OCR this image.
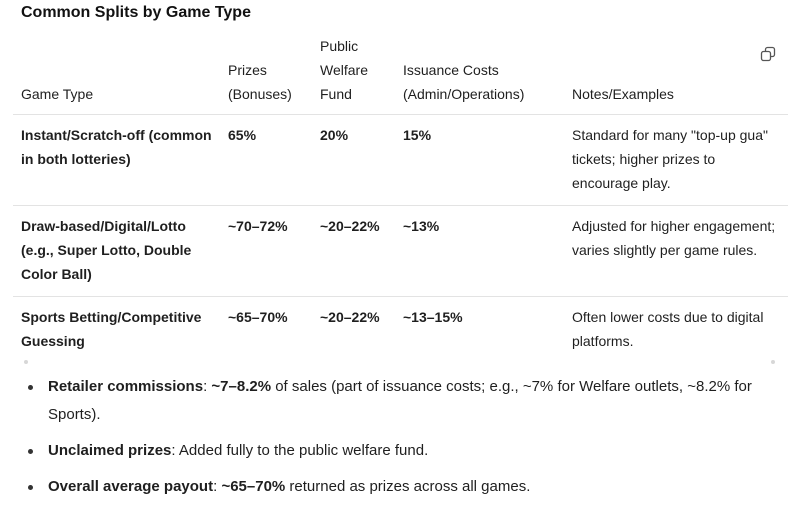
Common Splits by Game Type
Game Type	Prizes (Bonuses)	Public Welfare Fund	Issuance Costs (Admin/Operations)	Notes/Examples
Instant/Scratch-off (common in both lotteries)	65%	20%	15%	Standard for many "top-up gua" tickets; higher prizes to encourage play.
Draw-based/Digital/Lotto (e.g., Super Lotto, Double Color Ball)	~70–72%	~20–22%	~13%	Adjusted for higher engagement; varies slightly per game rules.
Sports Betting/Competitive Guessing	~65–70%	~20–22%	~13–15%	Often lower costs due to digital platforms.
Retailer commissions: ~7–8.2% of sales (part of issuance costs; e.g., ~7% for Welfare outlets, ~8.2% for Sports).
Unclaimed prizes: Added fully to the public welfare fund.
Overall average payout: ~65–70% returned as prizes across all games.
